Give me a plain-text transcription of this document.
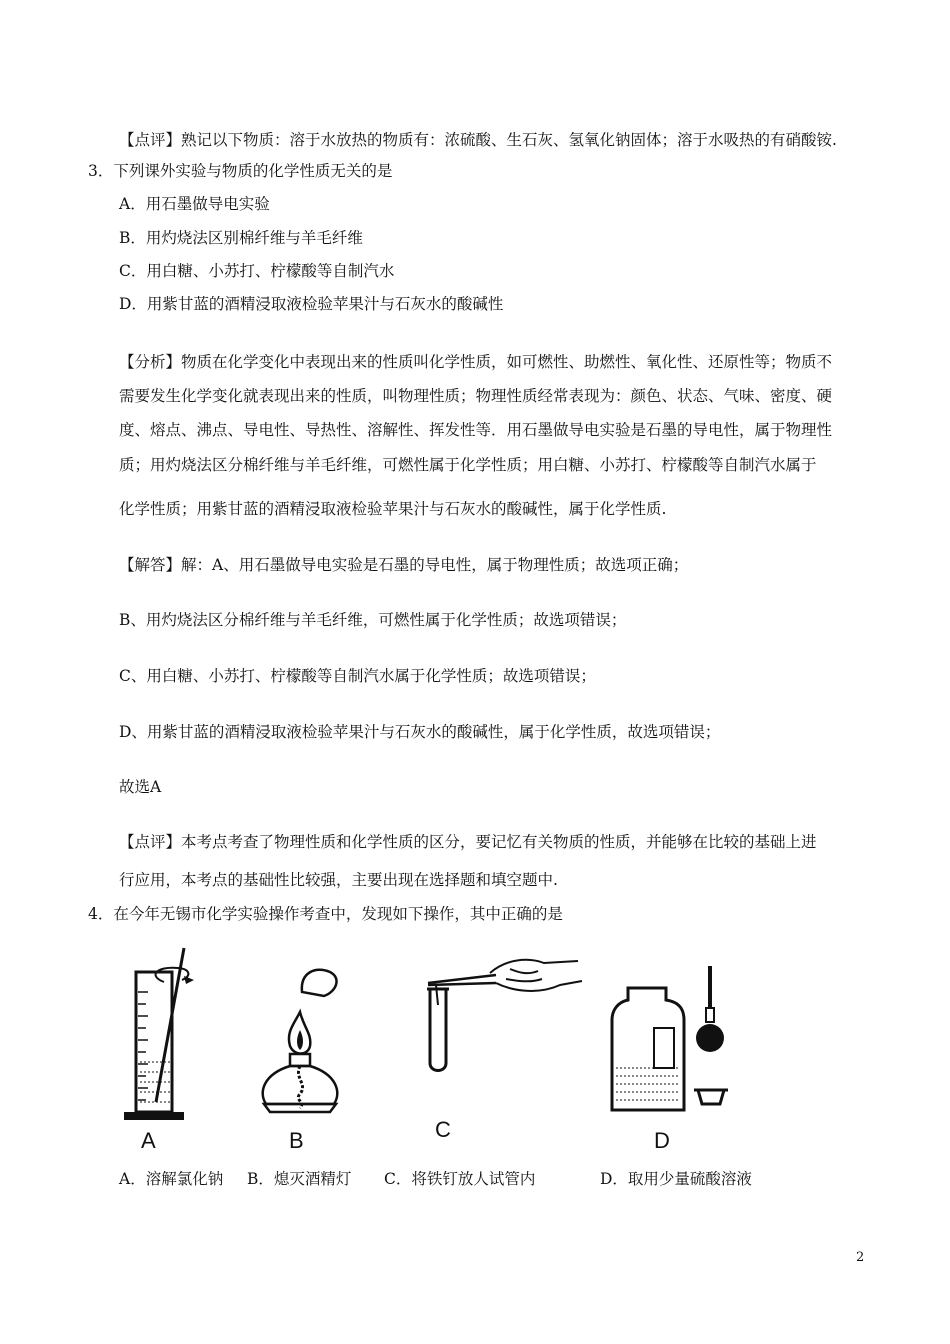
【点评】熟记以下物质：溶于水放热的物质有：浓硫酸、生石灰、氢氧化钠固体；溶于水吸热的有硝酸铵.
3．下列课外实验与物质的化学性质无关的是
A．用石墨做导电实验
B．用灼烧法区别棉纤维与羊毛纤维
C．用白糖、小苏打、柠檬酸等自制汽水
D．用紫甘蓝的酒精浸取液检验苹果汁与石灰水的酸碱性
【分析】物质在化学变化中表现出来的性质叫化学性质，如可燃性、助燃性、氧化性、还原性等；物质不
需要发生化学变化就表现出来的性质，叫物理性质；物理性质经常表现为：颜色、状态、气味、密度、硬
度、熔点、沸点、导电性、导热性、溶解性、挥发性等．用石墨做导电实验是石墨的导电性，属于物理性
质；用灼烧法区分棉纤维与羊毛纤维，可燃性属于化学性质；用白糖、小苏打、柠檬酸等自制汽水属于
化学性质；用紫甘蓝的酒精浸取液检验苹果汁与石灰水的酸碱性，属于化学性质.
【解答】解：A、用石墨做导电实验是石墨的导电性，属于物理性质；故选项正确；
B、用灼烧法区分棉纤维与羊毛纤维，可燃性属于化学性质；故选项错误；
C、用白糖、小苏打、柠檬酸等自制汽水属于化学性质；故选项错误；
D、用紫甘蓝的酒精浸取液检验苹果汁与石灰水的酸碱性，属于化学性质，故选项错误；
故选A
【点评】本考点考查了物理性质和化学性质的区分，要记忆有关物质的性质，并能够在比较的基础上进
行应用，本考点的基础性比较强，主要出现在选择题和填空题中.
4．在今年无锡市化学实验操作考查中，发现如下操作，其中正确的是
A	B	C	D
A．溶解氯化钠 B．熄灭酒精灯 C．将铁钉放人试管内	D．取用少量硫酸溶液
2
